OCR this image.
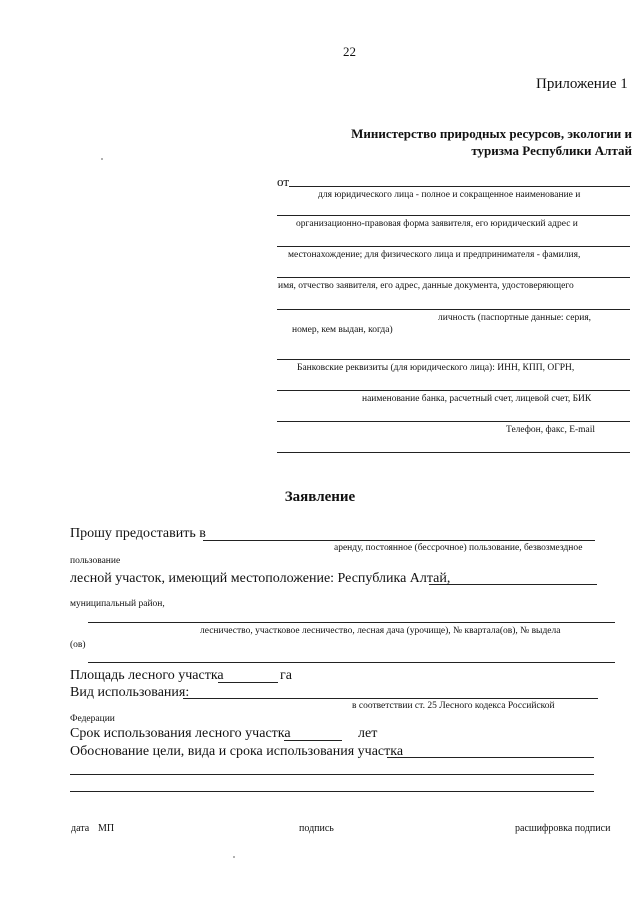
22
Приложение 1
Министерство природных ресурсов, экологии и
туризма Республики Алтай
от
для юридического лица - полное и сокращенное наименование и
организационно-правовая форма заявителя, его юридический адрес и
местонахождение; для физического лица и предпринимателя - фамилия,
имя, отчество заявителя, его адрес, данные документа, удостоверяющего
личность (паспортные данные: серия,
номер, кем выдан, когда)
Банковские реквизиты (для юридического лица): ИНН, КПП, ОГРН,
наименование банка, расчетный счет, лицевой счет, БИК
Телефон, факс, E-mail
Заявление
Прошу предоставить в
аренду, постоянное (бессрочное) пользование, безвозмездное
пользование
лесной участок, имеющий местоположение: Республика Алтай,
муниципальный район,
лесничество, участковое лесничество, лесная дача (урочище), № квартала(ов), № выдела
(ов)
Площадь лесного участка	га
Вид использования:
в соответствии ст. 25 Лесного кодекса Российской
Федерации
Срок использования лесного участка	лет
Обоснование цели, вида и срока использования участка
дата МП	подпись	расшифровка подписи
